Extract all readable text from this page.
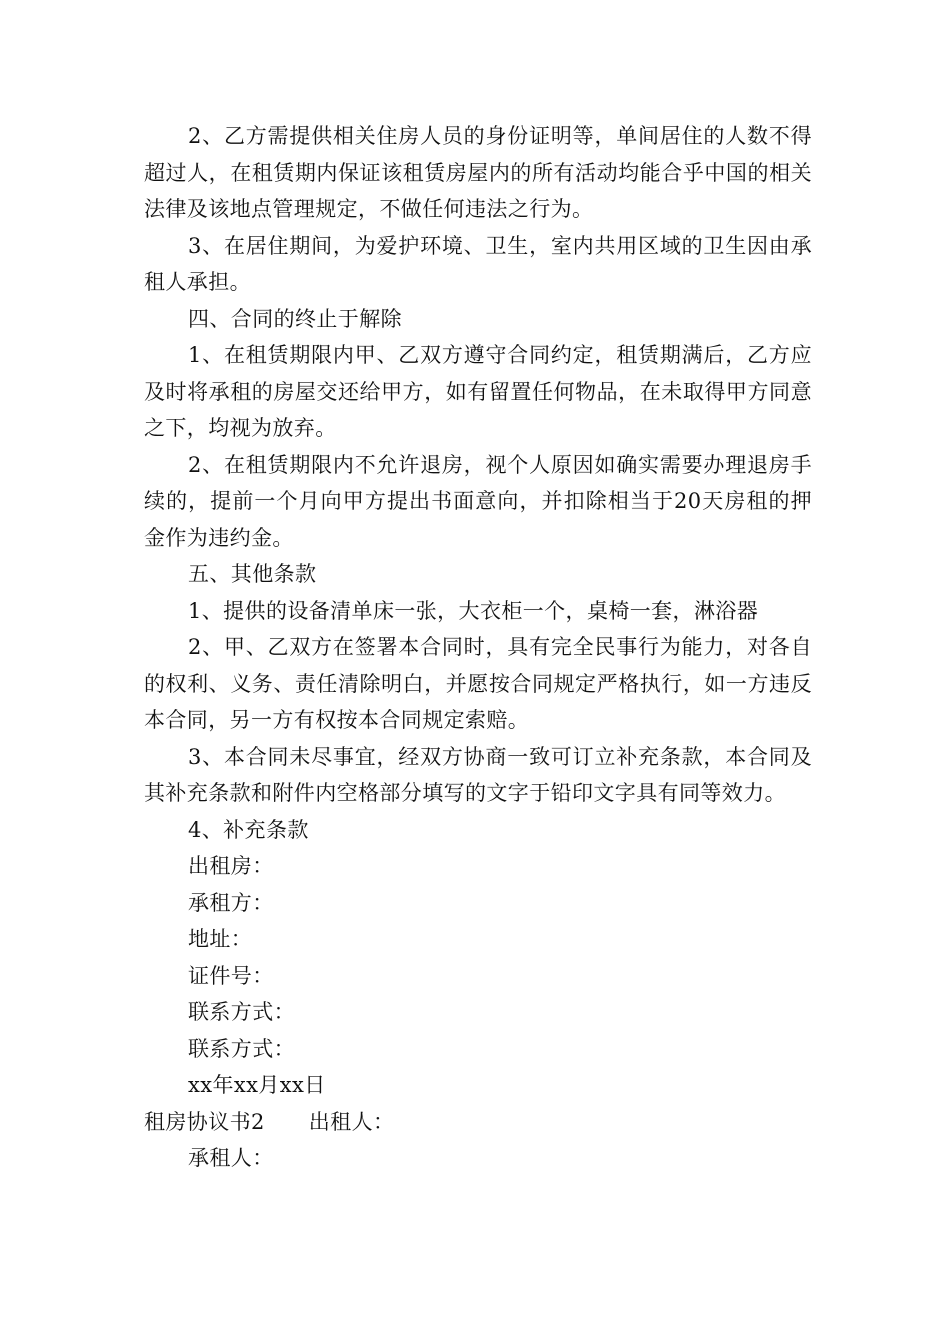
2、乙方需提供相关住房人员的身份证明等，单间居住的人数不得超过人，在租赁期内保证该租赁房屋内的所有活动均能合乎中国的相关法律及该地点管理规定，不做任何违法之行为。

3、在居住期间，为爱护环境、卫生，室内共用区域的卫生因由承租人承担。

四、合同的终止于解除

1、在租赁期限内甲、乙双方遵守合同约定，租赁期满后，乙方应及时将承租的房屋交还给甲方，如有留置任何物品，在未取得甲方同意之下，均视为放弃。

2、在租赁期限内不允许退房，视个人原因如确实需要办理退房手续的，提前一个月向甲方提出书面意向，并扣除相当于20天房租的押金作为违约金。

五、其他条款

1、提供的设备清单床一张，大衣柜一个，桌椅一套，淋浴器

2、甲、乙双方在签署本合同时，具有完全民事行为能力，对各自的权利、义务、责任清除明白，并愿按合同规定严格执行，如一方违反本合同，另一方有权按本合同规定索赔。

3、本合同未尽事宜，经双方协商一致可订立补充条款，本合同及其补充条款和附件内空格部分填写的文字于铅印文字具有同等效力。

4、补充条款

出租房：

承租方：

地址：

证件号：

联系方式：

联系方式：

xx年xx月xx日

租房协议书2 出租人：

承租人：
